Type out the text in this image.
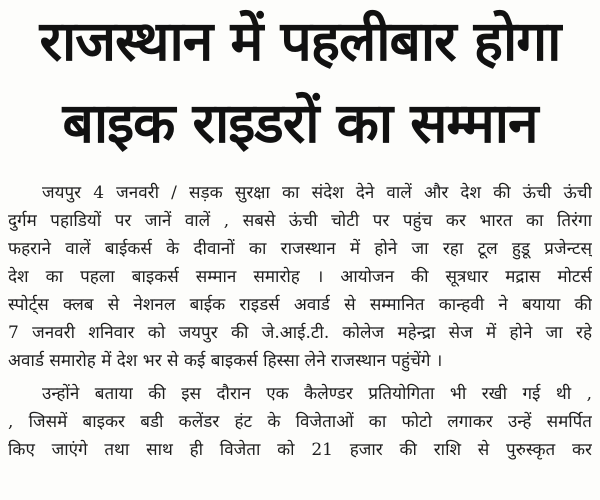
राजस्थान में पहलीबार होगा
बाइक राइडरों का सम्मान
जयपुर 4 जनवरी / सड़क सुरक्षा का संदेश देने वालें और देश की ऊंची ऊंची
दुर्गम पहाडियों पर जानें वालें , सबसे ऊंची चोटी पर पहुंच कर भारत का तिरंगा
फहराने वालें बाईकर्स के दीवानों का राजस्थान में होने जा रहा टूल हुडू प्रजेन्टस्
देश का पहला बाइकर्स सम्मान समारोह । आयोजन की सूत्रधार मद्रास मोटर्स
स्पोर्ट्स क्लब से नेशनल बाईक राइडर्स अवार्ड से सम्मानित कान्हवी ने बयाया की
7 जनवरी शनिवार को जयपुर की जे.आई.टी. कोलेज महेन्द्रा सेज में होने जा रहे
अवार्ड समारोह में देश भर से कई बाइकर्स हिस्सा लेने राजस्थान पहुंचेंगे ।
उन्होंने बताया की इस दौरान एक कैलेण्डर प्रतियोगिता भी रखी गई थी ,
, जिसमें बाइकर बडी कलेंडर हंट के विजेताओं का फोटो लगाकर उन्हें समर्पित
किए जाएंगे तथा साथ ही विजेता को 21 हजार की राशि से पुरुस्कृत कर
